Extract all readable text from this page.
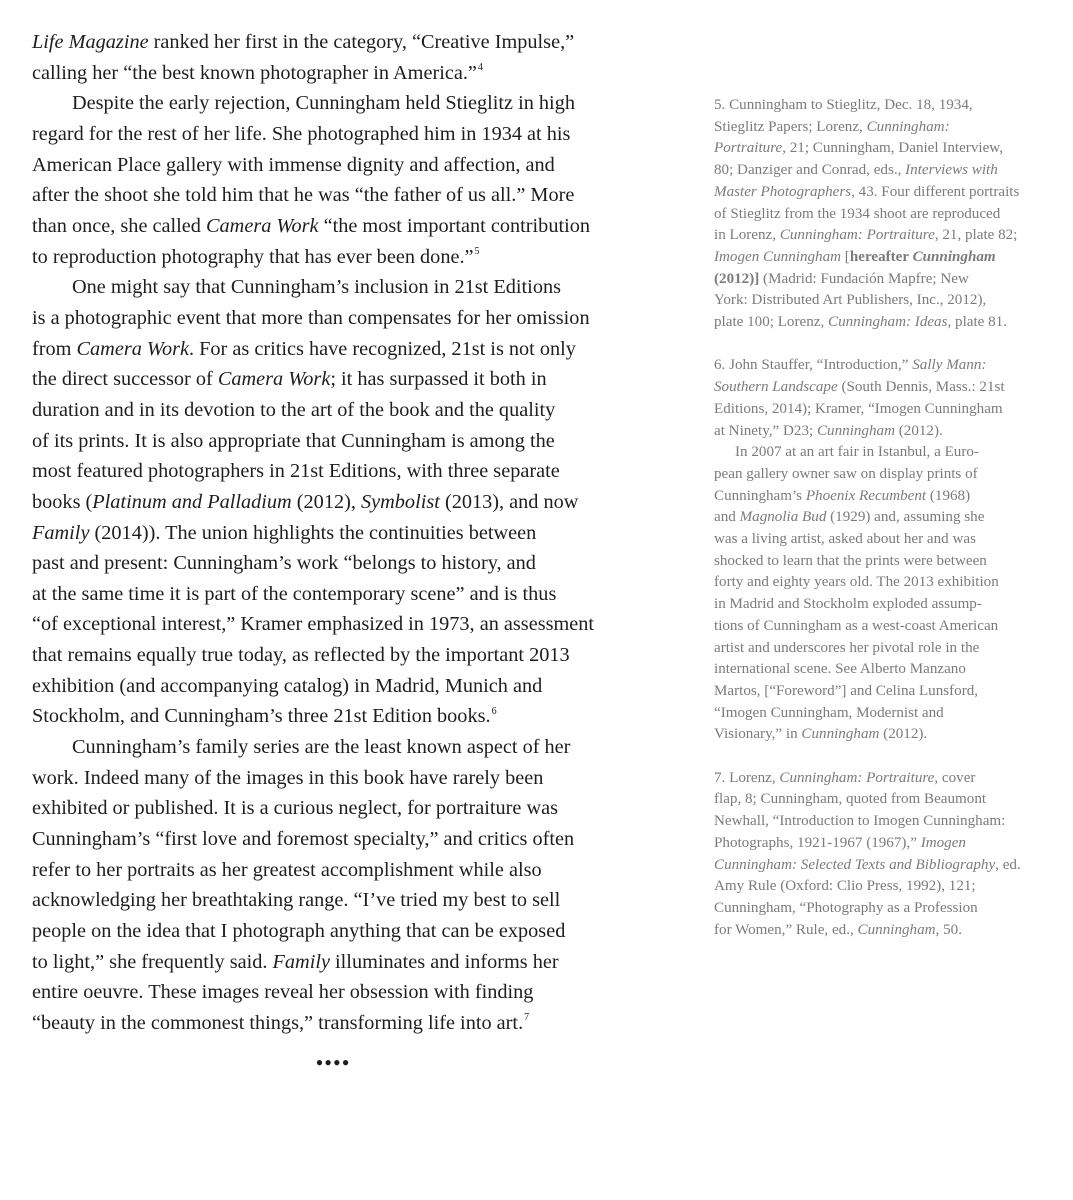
Life Magazine ranked her first in the category, “Creative Impulse,”
calling her “the best known photographer in America.”$^4$
Despite the early rejection, Cunningham held Stieglitz in high
regard for the rest of her life. She photographed him in 1934 at his
American Place gallery with immense dignity and affection, and
after the shoot she told him that he was “the father of us all.” More
than once, she called Camera Work “the most important contribution
to reproduction photography that has ever been done.”$^5$
One might say that Cunningham’s inclusion in 21st Editions
is a photographic event that more than compensates for her omission
from Camera Work. For as critics have recognized, 21st is not only
the direct successor of Camera Work; it has surpassed it both in
duration and in its devotion to the art of the book and the quality
of its prints. It is also appropriate that Cunningham is among the
most featured photographers in 21st Editions, with three separate
books (Platinum and Palladium (2012), Symbolist (2013), and now
Family (2014)). The union highlights the continuities between
past and present: Cunningham’s work “belongs to history, and
at the same time it is part of the contemporary scene” and is thus
“of exceptional interest,” Kramer emphasized in 1973, an assessment
that remains equally true today, as reflected by the important 2013
exhibition (and accompanying catalog) in Madrid, Munich and
Stockholm, and Cunningham’s three 21st Edition books.$^6$
Cunningham’s family series are the least known aspect of her
work. Indeed many of the images in this book have rarely been
exhibited or published. It is a curious neglect, for portraiture was
Cunningham’s “first love and foremost specialty,” and critics often
refer to her portraits as her greatest accomplishment while also
acknowledging her breathtaking range. “I’ve tried my best to sell
people on the idea that I photograph anything that can be exposed
to light,” she frequently said. Family illuminates and informs her
entire oeuvre. These images reveal her obsession with finding
“beauty in the commonest things,” transforming life into art.$^7$
••••
5. Cunningham to Stieglitz, Dec. 18, 1934,
Stieglitz Papers; Lorenz, Cunningham:
Portraiture, 21; Cunningham, Daniel Interview,
80; Danziger and Conrad, eds., Interviews with
Master Photographers, 43. Four different portraits
of Stieglitz from the 1934 shoot are reproduced
in Lorenz, Cunningham: Portraiture, 21, plate 82;
Imogen Cunningham [hereafter Cunningham
(2012)] (Madrid: Fundación Mapfre; New
York: Distributed Art Publishers, Inc., 2012),
plate 100; Lorenz, Cunningham: Ideas, plate 81.
6. John Stauffer, “Introduction,” Sally Mann:
Southern Landscape (South Dennis, Mass.: 21st
Editions, 2014); Kramer, “Imogen Cunningham
at Ninety,” D23; Cunningham (2012).
In 2007 at an art fair in Istanbul, a Euro-
pean gallery owner saw on display prints of
Cunningham’s Phoenix Recumbent (1968)
and Magnolia Bud (1929) and, assuming she
was a living artist, asked about her and was
shocked to learn that the prints were between
forty and eighty years old. The 2013 exhibition
in Madrid and Stockholm exploded assump-
tions of Cunningham as a west-coast American
artist and underscores her pivotal role in the
international scene. See Alberto Manzano
Martos, [“Foreword”] and Celina Lunsford,
“Imogen Cunningham, Modernist and
Visionary,” in Cunningham (2012).
7. Lorenz, Cunningham: Portraiture, cover
flap, 8; Cunningham, quoted from Beaumont
Newhall, “Introduction to Imogen Cunningham:
Photographs, 1921-1967 (1967),” Imogen
Cunningham: Selected Texts and Bibliography, ed.
Amy Rule (Oxford: Clio Press, 1992), 121;
Cunningham, “Photography as a Profession
for Women,” Rule, ed., Cunningham, 50.
